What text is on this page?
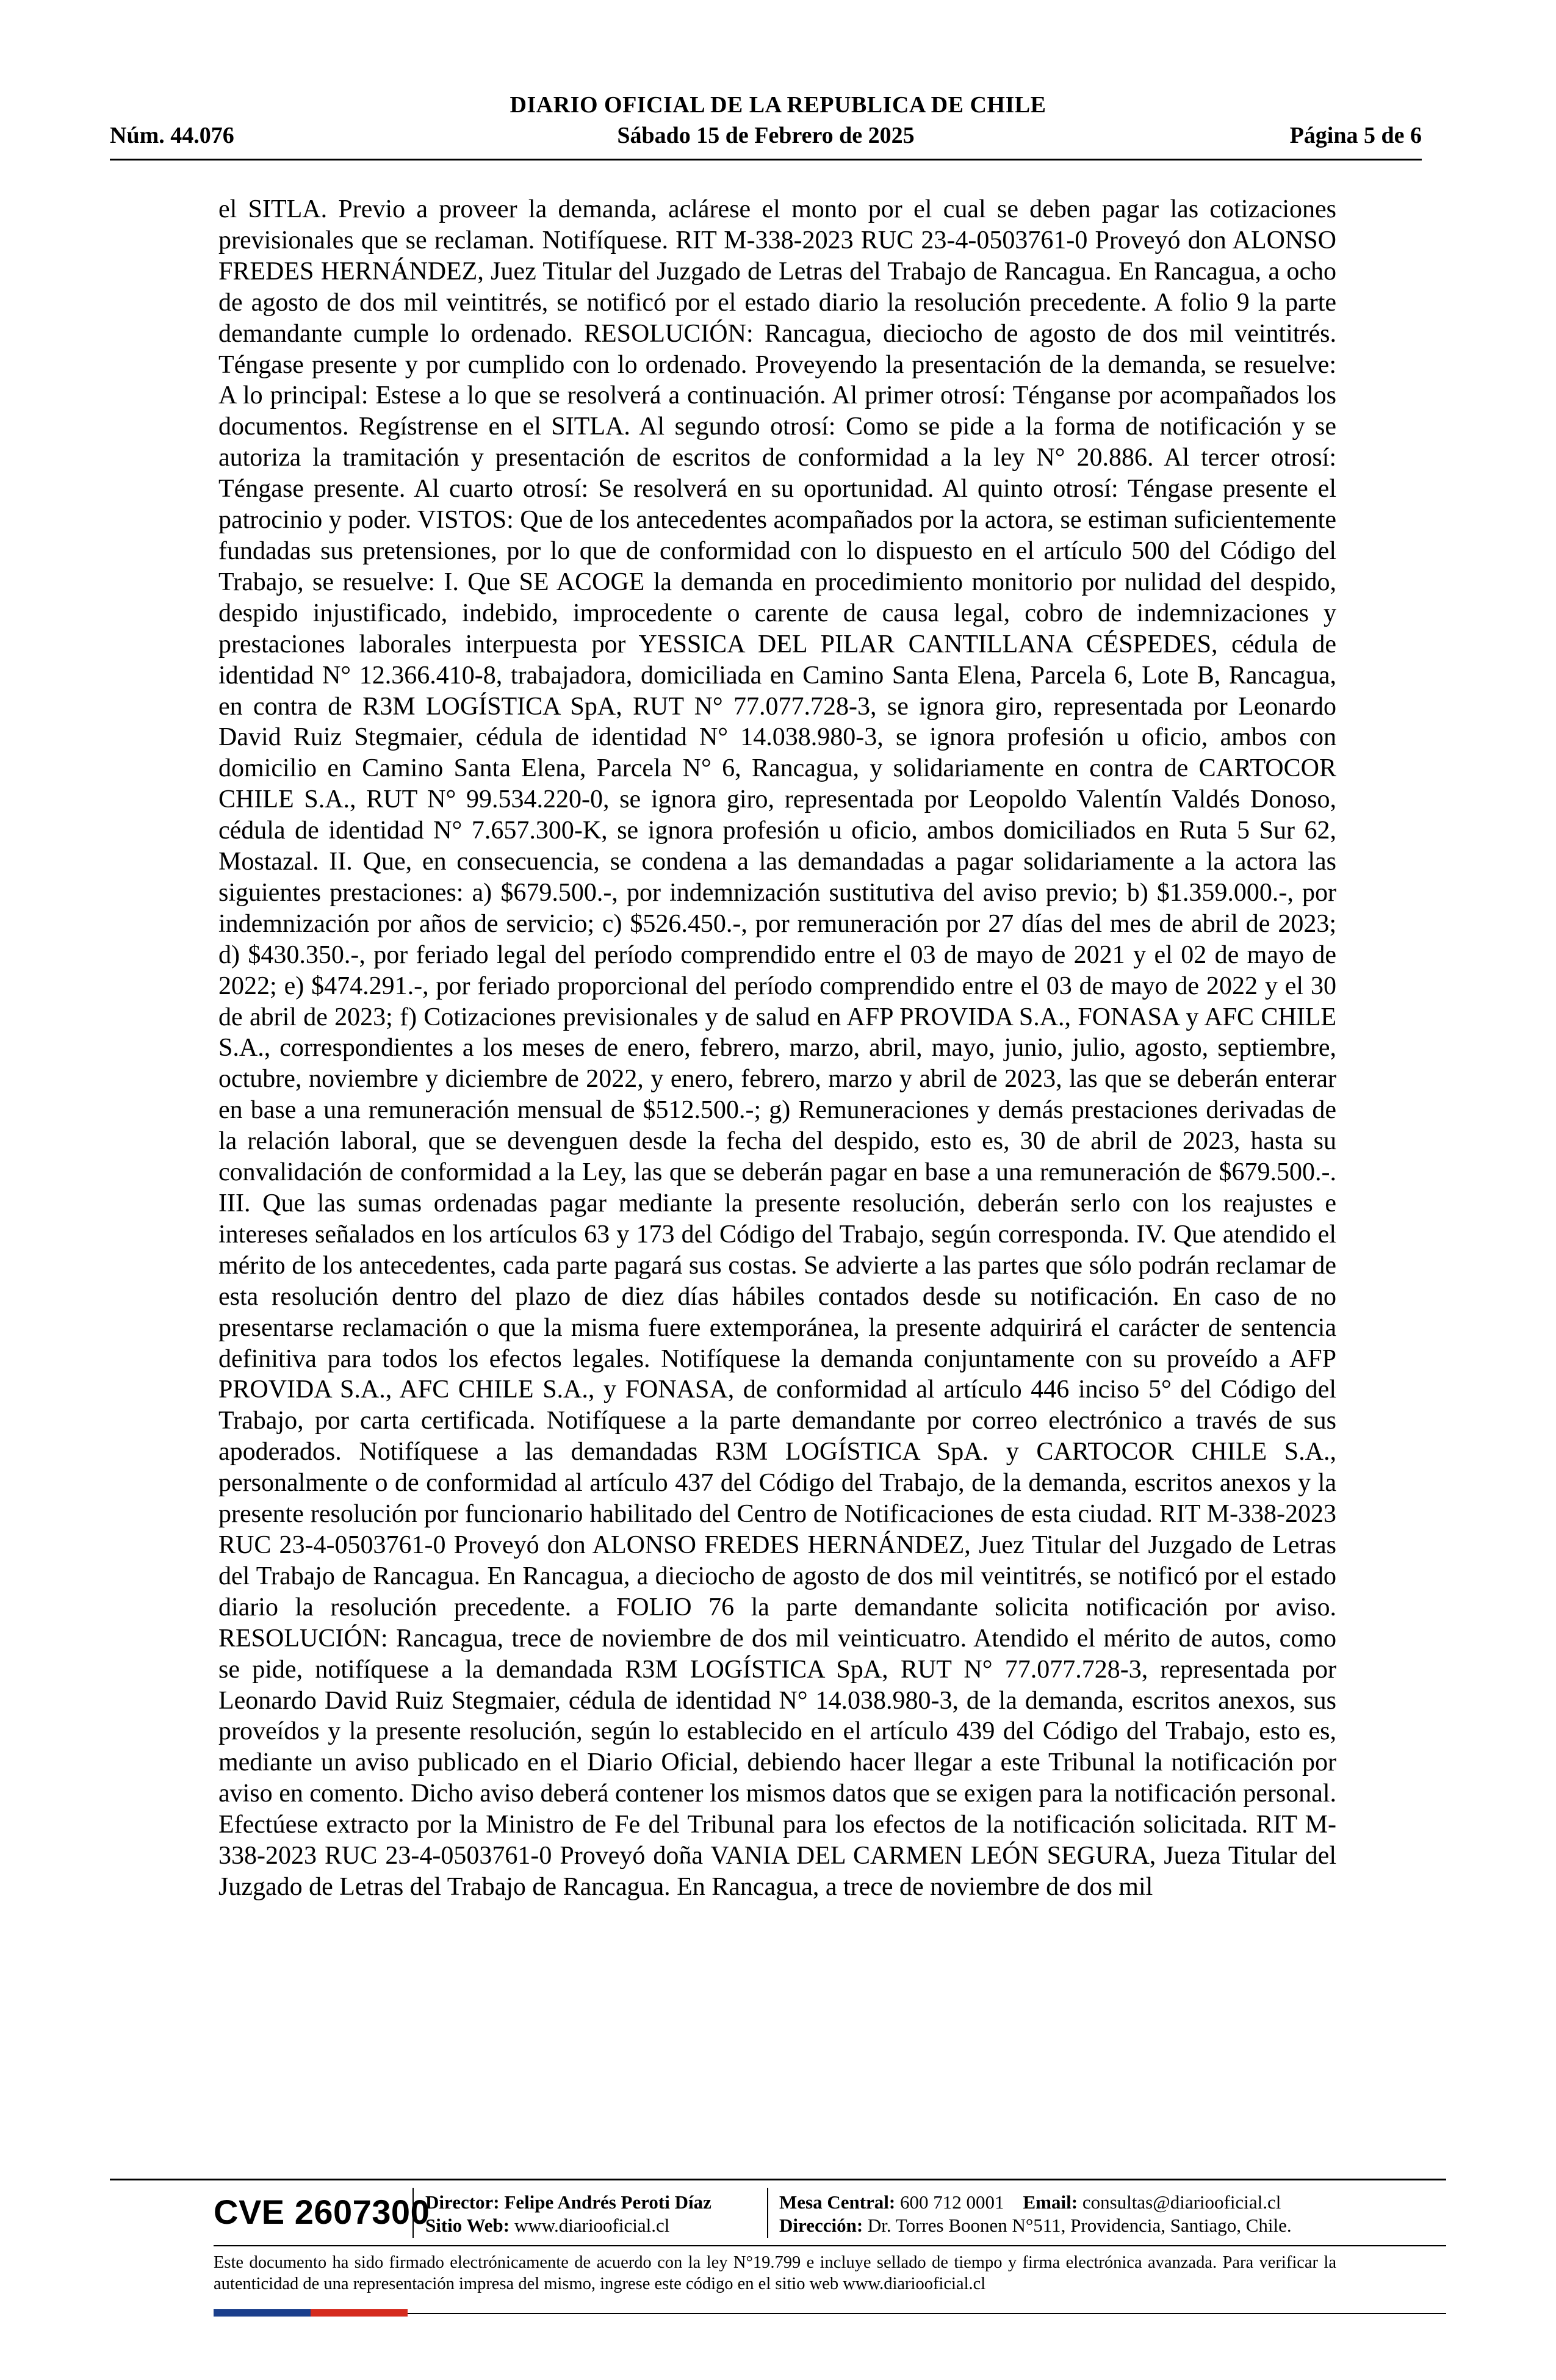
DIARIO OFICIAL DE LA REPUBLICA DE CHILE
Núm. 44.076	Sábado 15 de Febrero de 2025	Página 5 de 6

el SITLA. Previo a proveer la demanda, aclárese el monto por el cual se deben pagar las cotizaciones previsionales que se reclaman. Notifíquese. RIT M-338-2023 RUC 23-4-0503761-0 Proveyó don ALONSO FREDES HERNÁNDEZ, Juez Titular del Juzgado de Letras del Trabajo de Rancagua. En Rancagua, a ocho de agosto de dos mil veintitrés, se notificó por el estado diario la resolución precedente. A folio 9 la parte demandante cumple lo ordenado. RESOLUCIÓN: Rancagua, dieciocho de agosto de dos mil veintitrés. Téngase presente y por cumplido con lo ordenado. Proveyendo la presentación de la demanda, se resuelve: A lo principal: Estese a lo que se resolverá a continuación. Al primer otrosí: Ténganse por acompañados los documentos. Regístrense en el SITLA. Al segundo otrosí: Como se pide a la forma de notificación y se autoriza la tramitación y presentación de escritos de conformidad a la ley N° 20.886. Al tercer otrosí: Téngase presente. Al cuarto otrosí: Se resolverá en su oportunidad. Al quinto otrosí: Téngase presente el patrocinio y poder. VISTOS: Que de los antecedentes acompañados por la actora, se estiman suficientemente fundadas sus pretensiones, por lo que de conformidad con lo dispuesto en el artículo 500 del Código del Trabajo, se resuelve: I. Que SE ACOGE la demanda en procedimiento monitorio por nulidad del despido, despido injustificado, indebido, improcedente o carente de causa legal, cobro de indemnizaciones y prestaciones laborales interpuesta por YESSICA DEL PILAR CANTILLANA CÉSPEDES, cédula de identidad N° 12.366.410-8, trabajadora, domiciliada en Camino Santa Elena, Parcela 6, Lote B, Rancagua, en contra de R3M LOGÍSTICA SpA, RUT N° 77.077.728-3, se ignora giro, representada por Leonardo David Ruiz Stegmaier, cédula de identidad N° 14.038.980-3, se ignora profesión u oficio, ambos con domicilio en Camino Santa Elena, Parcela N° 6, Rancagua, y solidariamente en contra de CARTOCOR CHILE S.A., RUT N° 99.534.220-0, se ignora giro, representada por Leopoldo Valentín Valdés Donoso, cédula de identidad N° 7.657.300-K, se ignora profesión u oficio, ambos domiciliados en Ruta 5 Sur 62, Mostazal. II. Que, en consecuencia, se condena a las demandadas a pagar solidariamente a la actora las siguientes prestaciones: a) $679.500.-, por indemnización sustitutiva del aviso previo; b) $1.359.000.-, por indemnización por años de servicio; c) $526.450.-, por remuneración por 27 días del mes de abril de 2023; d) $430.350.-, por feriado legal del período comprendido entre el 03 de mayo de 2021 y el 02 de mayo de 2022; e) $474.291.-, por feriado proporcional del período comprendido entre el 03 de mayo de 2022 y el 30 de abril de 2023; f) Cotizaciones previsionales y de salud en AFP PROVIDA S.A., FONASA y AFC CHILE S.A., correspondientes a los meses de enero, febrero, marzo, abril, mayo, junio, julio, agosto, septiembre, octubre, noviembre y diciembre de 2022, y enero, febrero, marzo y abril de 2023, las que se deberán enterar en base a una remuneración mensual de $512.500.-; g) Remuneraciones y demás prestaciones derivadas de la relación laboral, que se devenguen desde la fecha del despido, esto es, 30 de abril de 2023, hasta su convalidación de conformidad a la Ley, las que se deberán pagar en base a una remuneración de $679.500.-. III. Que las sumas ordenadas pagar mediante la presente resolución, deberán serlo con los reajustes e intereses señalados en los artículos 63 y 173 del Código del Trabajo, según corresponda. IV. Que atendido el mérito de los antecedentes, cada parte pagará sus costas. Se advierte a las partes que sólo podrán reclamar de esta resolución dentro del plazo de diez días hábiles contados desde su notificación. En caso de no presentarse reclamación o que la misma fuere extemporánea, la presente adquirirá el carácter de sentencia definitiva para todos los efectos legales. Notifíquese la demanda conjuntamente con su proveído a AFP PROVIDA S.A., AFC CHILE S.A., y FONASA, de conformidad al artículo 446 inciso 5° del Código del Trabajo, por carta certificada. Notifíquese a la parte demandante por correo electrónico a través de sus apoderados. Notifíquese a las demandadas R3M LOGÍSTICA SpA. y CARTOCOR CHILE S.A., personalmente o de conformidad al artículo 437 del Código del Trabajo, de la demanda, escritos anexos y la presente resolución por funcionario habilitado del Centro de Notificaciones de esta ciudad. RIT M-338-2023 RUC 23-4-0503761-0 Proveyó don ALONSO FREDES HERNÁNDEZ, Juez Titular del Juzgado de Letras del Trabajo de Rancagua. En Rancagua, a dieciocho de agosto de dos mil veintitrés, se notificó por el estado diario la resolución precedente. a FOLIO 76 la parte demandante solicita notificación por aviso. RESOLUCIÓN: Rancagua, trece de noviembre de dos mil veinticuatro. Atendido el mérito de autos, como se pide, notifíquese a la demandada R3M LOGÍSTICA SpA, RUT N° 77.077.728-3, representada por Leonardo David Ruiz Stegmaier, cédula de identidad N° 14.038.980-3, de la demanda, escritos anexos, sus proveídos y la presente resolución, según lo establecido en el artículo 439 del Código del Trabajo, esto es, mediante un aviso publicado en el Diario Oficial, debiendo hacer llegar a este Tribunal la notificación por aviso en comento. Dicho aviso deberá contener los mismos datos que se exigen para la notificación personal. Efectúese extracto por la Ministro de Fe del Tribunal para los efectos de la notificación solicitada. RIT M-338-2023 RUC 23-4-0503761-0 Proveyó doña VANIA DEL CARMEN LEÓN SEGURA, Jueza Titular del Juzgado de Letras del Trabajo de Rancagua. En Rancagua, a trece de noviembre de dos mil

CVE 2607300
Director: Felipe Andrés Peroti Díaz
Sitio Web: www.diariooficial.cl
Mesa Central: 600 712 0001 Email: consultas@diariooficial.cl
Dirección: Dr. Torres Boonen N°511, Providencia, Santiago, Chile.

Este documento ha sido firmado electrónicamente de acuerdo con la ley N°19.799 e incluye sellado de tiempo y firma electrónica avanzada. Para verificar la autenticidad de una representación impresa del mismo, ingrese este código en el sitio web www.diariooficial.cl
